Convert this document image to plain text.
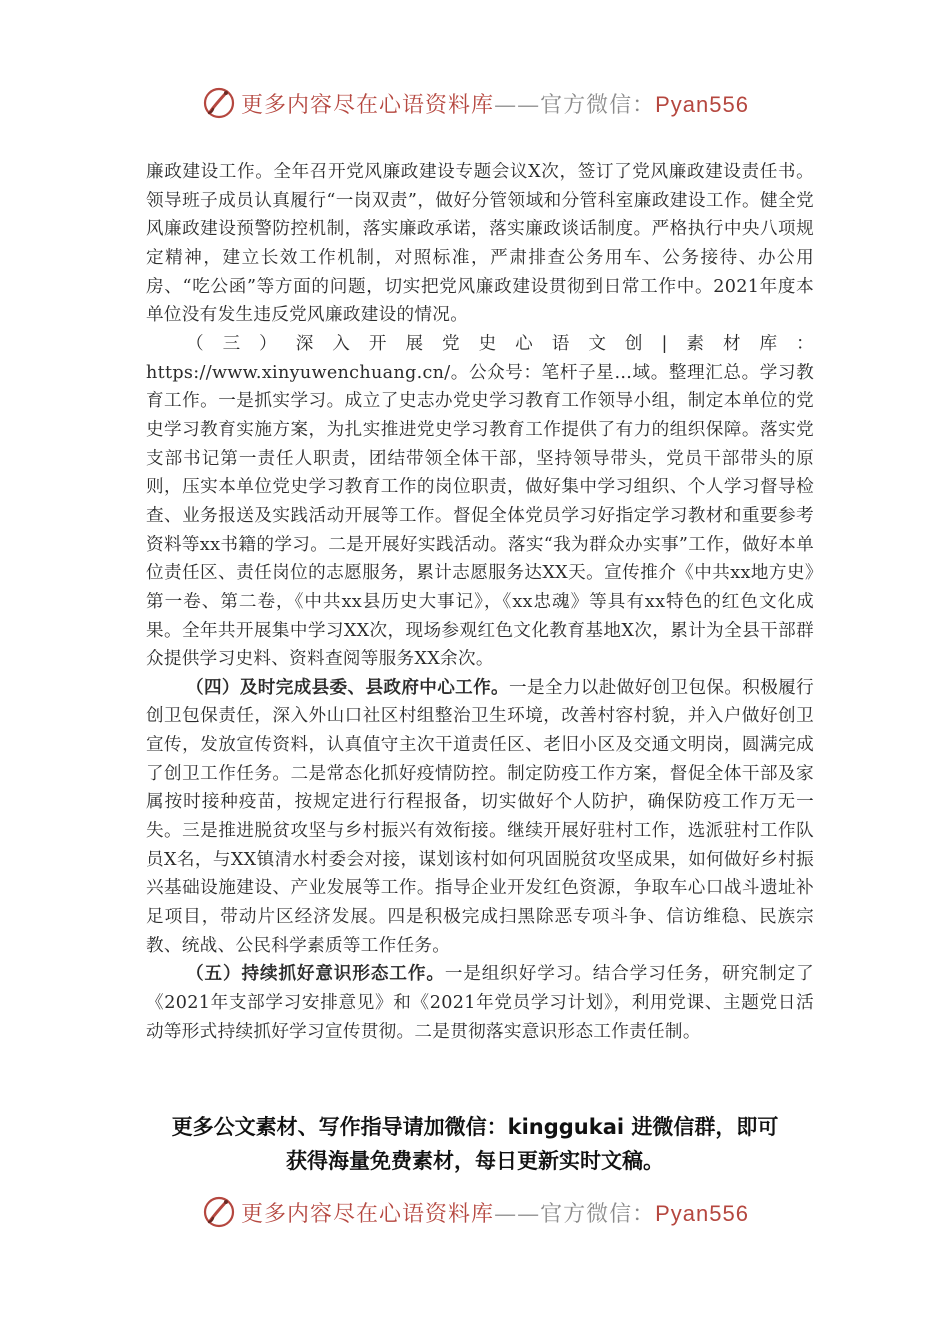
更多内容尽在心语资料库——官方微信：Pyan556

廉政建设工作。全年召开党风廉政建设专题会议X次，签订了党风廉政建设责任书。领导班子成员认真履行“一岗双责”，做好分管领域和分管科室廉政建设工作。健全党风廉政建设预警防控机制，落实廉政承诺，落实廉政谈话制度。严格执行中央八项规定精神，建立长效工作机制，对照标准，严肃排查公务用车、公务接待、办公用房、“吃公函”等方面的问题，切实把党风廉政建设贯彻到日常工作中。2021年度本单位没有发生违反党风廉政建设的情况。

（三）深入开展党史心语文创|素材库：https://www.xinyuwenchuang.cn/。公众号：笔杆子星…域。整理汇总。学习教育工作。一是抓实学习。成立了史志办党史学习教育工作领导小组，制定本单位的党史学习教育实施方案，为扎实推进党史学习教育工作提供了有力的组织保障。落实党支部书记第一责任人职责，团结带领全体干部，坚持领导带头，党员干部带头的原则，压实本单位党史学习教育工作的岗位职责，做好集中学习组织、个人学习督导检查、业务报送及实践活动开展等工作。督促全体党员学习好指定学习教材和重要参考资料等xx书籍的学习。二是开展好实践活动。落实“我为群众办实事”工作，做好本单位责任区、责任岗位的志愿服务，累计志愿服务达XX天。宣传推介《中共xx地方史》第一卷、第二卷，《中共xx县历史大事记》，《xx忠魂》等具有xx特色的红色文化成果。全年共开展集中学习XX次，现场参观红色文化教育基地X次，累计为全县干部群众提供学习史料、资料查阅等服务XX余次。

（四）及时完成县委、县政府中心工作。一是全力以赴做好创卫包保。积极履行创卫包保责任，深入外山口社区村组整治卫生环境，改善村容村貌，并入户做好创卫宣传，发放宣传资料，认真值守主次干道责任区、老旧小区及交通文明岗，圆满完成了创卫工作任务。二是常态化抓好疫情防控。制定防疫工作方案，督促全体干部及家属按时接种疫苗，按规定进行行程报备，切实做好个人防护，确保防疫工作万无一失。三是推进脱贫攻坚与乡村振兴有效衔接。继续开展好驻村工作，选派驻村工作队员X名，与XX镇清水村委会对接，谋划该村如何巩固脱贫攻坚成果，如何做好乡村振兴基础设施建设、产业发展等工作。指导企业开发红色资源，争取车心口战斗遗址补足项目，带动片区经济发展。四是积极完成扫黑除恶专项斗争、信访维稳、民族宗教、统战、公民科学素质等工作任务。

（五）持续抓好意识形态工作。一是组织好学习。结合学习任务，研究制定了《2021年支部学习安排意见》和《2021年党员学习计划》，利用党课、主题党日活动等形式持续抓好学习宣传贯彻。二是贯彻落实意识形态工作责任制。

更多公文素材、写作指导请加微信：kinggukai 进微信群，即可
获得海量免费素材，每日更新实时文稿。
更多内容尽在心语资料库——官方微信：Pyan556
